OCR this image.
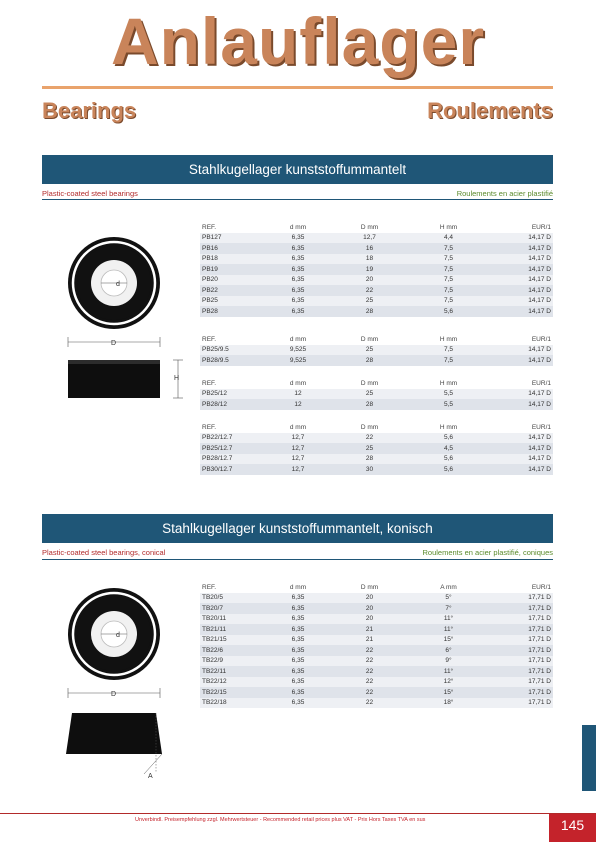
Anlauflager
Bearings	Roulements
Stahlkugellager kunststoffummantelt
Plastic-coated steel bearings	Roulements en acier plastifié
d
D
H
REF.	d mm	D mm	H mm	EUR/1
PB127	6,35	12,7	4,4	14,17 D
PB16	6,35	16	7,5	14,17 D
PB18	6,35	18	7,5	14,17 D
PB19	6,35	19	7,5	14,17 D
PB20	6,35	20	7,5	14,17 D
PB22	6,35	22	7,5	14,17 D
PB25	6,35	25	7,5	14,17 D
PB28	6,35	28	5,6	14,17 D
REF.	d mm	D mm	H mm	EUR/1
PB25/9.5	9,525	25	7,5	14,17 D
PB28/9.5	9,525	28	7,5	14,17 D
REF.	d mm	D mm	H mm	EUR/1
PB25/12	12	25	5,5	14,17 D
PB28/12	12	28	5,5	14,17 D
REF.	d mm	D mm	H mm	EUR/1
PB22/12.7	12,7	22	5,6	14,17 D
PB25/12.7	12,7	25	4,5	14,17 D
PB28/12.7	12,7	28	5,6	14,17 D
PB30/12.7	12,7	30	5,6	14,17 D
Stahlkugellager kunststoffummantelt, konisch
Plastic-coated steel bearings, conical	Roulements en acier plastifié, coniques
d
D
A
REF.	d mm	D mm	A mm	EUR/1
TB20/5	6,35	20	5°	17,71 D
TB20/7	6,35	20	7°	17,71 D
TB20/11	6,35	20	11°	17,71 D
TB21/11	6,35	21	11°	17,71 D
TB21/15	6,35	21	15°	17,71 D
TB22/6	6,35	22	6°	17,71 D
TB22/9	6,35	22	9°	17,71 D
TB22/11	6,35	22	11°	17,71 D
TB22/12	6,35	22	12°	17,71 D
TB22/15	6,35	22	15°	17,71 D
TB22/18	6,35	22	18°	17,71 D
Unverbindl. Preisempfehlung zzgl. Mehrwertsteuer - Recommended retail prices plus VAT - Prix Hors Taxes TVA en sus	145
